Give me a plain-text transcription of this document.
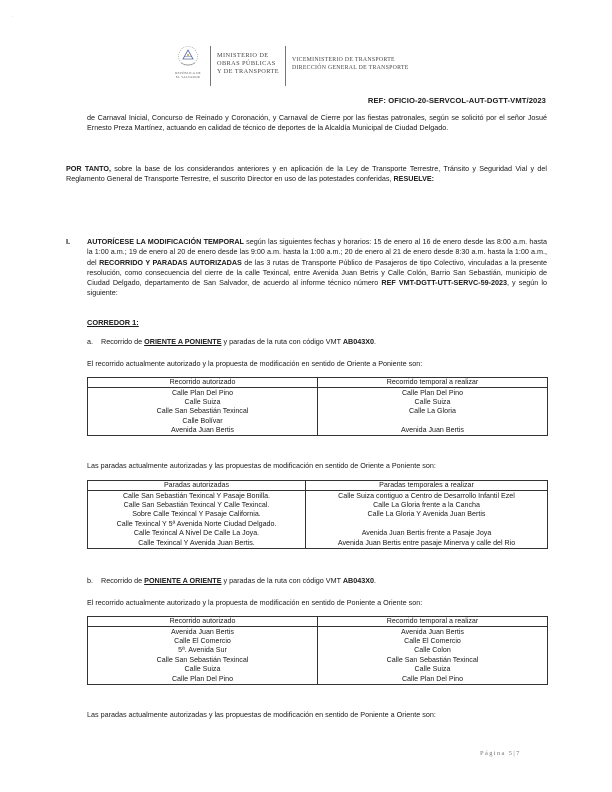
·
REPÚBLICA DE
EL SALVADOR
MINISTERIO DE
OBRAS PÚBLICAS
Y DE TRANSPORTE
VICEMINISTERIO DE TRANSPORTE
DIRECCIÓN GENERAL DE TRANSPORTE
REF: OFICIO-20-SERVCOL-AUT-DGTT-VMT/2023

de Carnaval Inicial, Concurso de Reinado y Coronación, y Carnaval de Cierre por las fiestas patronales, según se solicitó por el señor Josué Ernesto Preza Martínez, actuando en calidad de técnico de deportes de la Alcaldía Municipal de Ciudad Delgado.

POR TANTO, sobre la base de los considerandos anteriores y en aplicación de la Ley de Transporte Terrestre, Tránsito y Seguridad Vial y del Reglamento General de Transporte Terrestre, el suscrito Director en uso de las potestades conferidas, RESUELVE:

I. AUTORÍCESE LA MODIFICACIÓN TEMPORAL según las siguientes fechas y horarios: 15 de enero al 16 de enero desde las 8:00 a.m. hasta la 1:00 a.m.; 19 de enero al 20 de enero desde las 9:00 a.m. hasta la 1:00 a.m.; 20 de enero al 21 de enero desde 8:30 a.m. hasta la 1:00 a.m., del RECORRIDO Y PARADAS AUTORIZADAS de las 3 rutas de Transporte Público de Pasajeros de tipo Colectivo, vinculadas a la presente resolución, como consecuencia del cierre de la calle Texincal, entre Avenida Juan Betris y Calle Colón, Barrio San Sebastián, municipio de Ciudad Delgado, departamento de San Salvador, de acuerdo al informe técnico número REF VMT-DGTT-UTT-SERVC-59-2023, y según lo siguiente:

CORREDOR 1:

a. Recorrido de ORIENTE A PONIENTE y paradas de la ruta con código VMT AB043X0.

El recorrido actualmente autorizado y la propuesta de modificación en sentido de Oriente a Poniente son:

Recorrido autorizado	Recorrido temporal a realizar
Calle Plan Del Pino	Calle Plan Del Pino
Calle Suiza	Calle Suiza
Calle San Sebastián Texincal	Calle La Gloria
Calle Bolívar	
Avenida Juan Bertis	Avenida Juan Bertis

Las paradas actualmente autorizadas y las propuestas de modificación en sentido de Oriente a Poniente son:

Paradas autorizadas	Paradas temporales a realizar
Calle San Sebastián Texincal Y Pasaje Bonilla.	Calle Suiza contiguo a Centro de Desarrollo Infantil Ezel
Calle San Sebastián Texincal Y Calle Texincal.	Calle La Gloria frente a la Cancha
Sobre Calle Texincal Y Pasaje California.	Calle La Gloria Y Avenida Juan Bertis
Calle Texincal Y 5ª Avenida Norte Ciudad Delgado.	
Calle Texincal A Nivel De Calle La Joya.	Avenida Juan Bertis frente a Pasaje Joya
Calle Texincal Y Avenida Juan Bertis.	Avenida Juan Bertis entre pasaje Minerva y calle del Rio

b. Recorrido de PONIENTE A ORIENTE y paradas de la ruta con código VMT AB043X0.

El recorrido actualmente autorizado y la propuesta de modificación en sentido de Poniente a Oriente son:

Recorrido autorizado	Recorrido temporal a realizar
Avenida Juan Bertis	Avenida Juan Bertis
Calle El Comercio	Calle El Comercio
5ª. Avenida Sur	Calle Colon
Calle San Sebastián Texincal	Calle San Sebastián Texincal
Calle Suiza	Calle Suiza
Calle Plan Del Pino	Calle Plan Del Pino

Las paradas actualmente autorizadas y las propuestas de modificación en sentido de Poniente a Oriente son:

Página 5|7
